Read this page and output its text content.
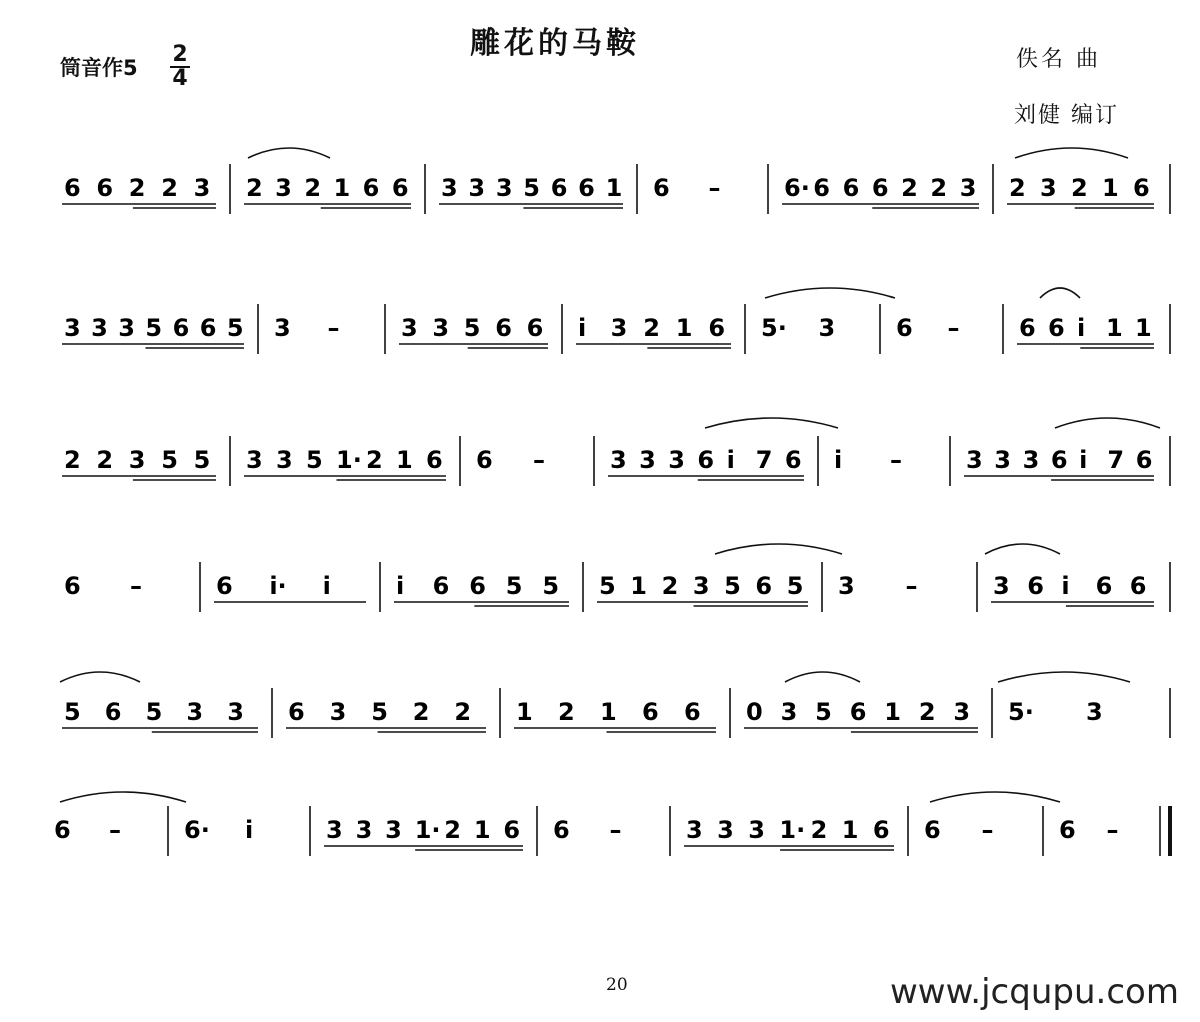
雕花的马鞍
筒音作$5 \frac{2}{4}$	佚名 曲
刘健 编订
6 6 2 2 3 2 3 2 1 6 6 3 3 3 5 6 6 1 6 –	6· 6 6 6 2 2 3 2 3 2 1 6
3 3 3 5 6 6 5 3 –	3 3 5 6 6 i 3 2 1 6 5· 3	6 – 6 6 i 1 1
2 2 3 5 5 3 3 5 1· 2 1 6 6 –	3 3 3 6 i 7 6 i –	3 3 3 6 i 7 6
6 –	6 i· i	i 6 6 5 5 5 1 2 3 5 6 5 3 –	3 6 i 6 6
5 6 5 3 3 6 3 5 2 2 1 2 1 6 6 0 3 5 6 1 2 3 5· 3
6 –	6· i	3 3 3 1· 2 1 6 6 –	3 3 3 1· 2 1 6 6 –	6 –
20	www.jcqupu.com
